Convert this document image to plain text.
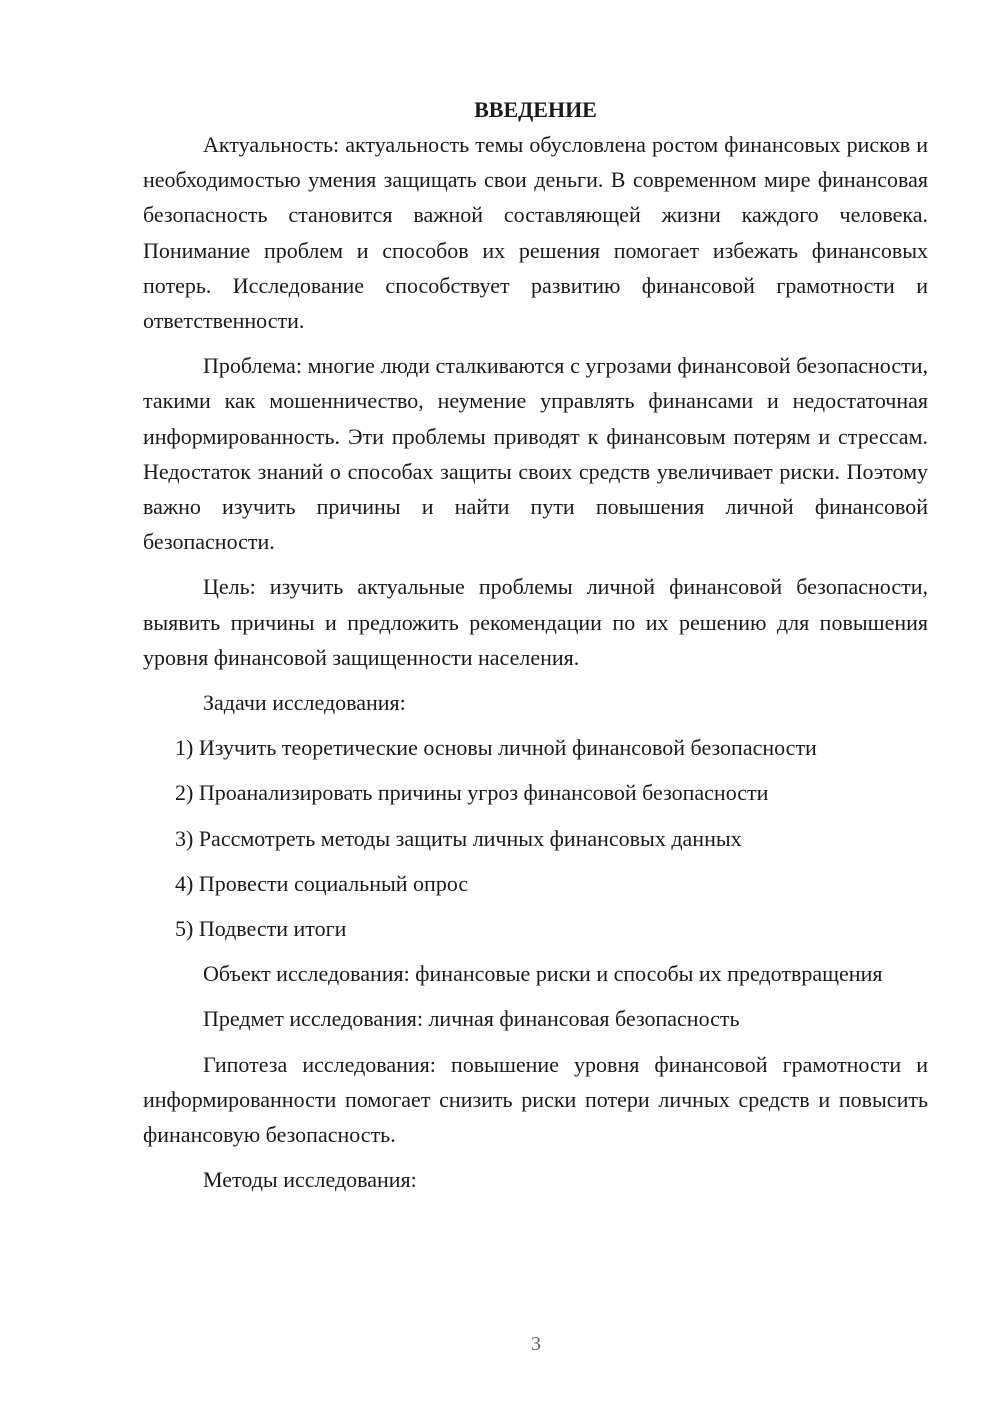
ВВЕДЕНИЕ

Актуальность: актуальность темы обусловлена ростом финансовых рисков и необходимостью умения защищать свои деньги. В современном мире финансовая безопасность становится важной составляющей жизни каждого человека. Понимание проблем и способов их решения помогает избежать финансовых потерь. Исследование способствует развитию финансовой грамотности и ответственности.

Проблема: многие люди сталкиваются с угрозами финансовой безопасности, такими как мошенничество, неумение управлять финансами и недостаточная информированность. Эти проблемы приводят к финансовым потерям и стрессам. Недостаток знаний о способах защиты своих средств увеличивает риски. Поэтому важно изучить причины и найти пути повышения личной финансовой безопасности.

Цель: изучить актуальные проблемы личной финансовой безопасности, выявить причины и предложить рекомендации по их решению для повышения уровня финансовой защищенности населения.

Задачи исследования:

1) Изучить теоретические основы личной финансовой безопасности
2) Проанализировать причины угроз финансовой безопасности
3) Рассмотреть методы защиты личных финансовых данных
4) Провести социальный опрос
5) Подвести итоги

Объект исследования: финансовые риски и способы их предотвращения

Предмет исследования: личная финансовая безопасность

Гипотеза исследования: повышение уровня финансовой грамотности и информированности помогает снизить риски потери личных средств и повысить финансовую безопасность.

Методы исследования:

3
